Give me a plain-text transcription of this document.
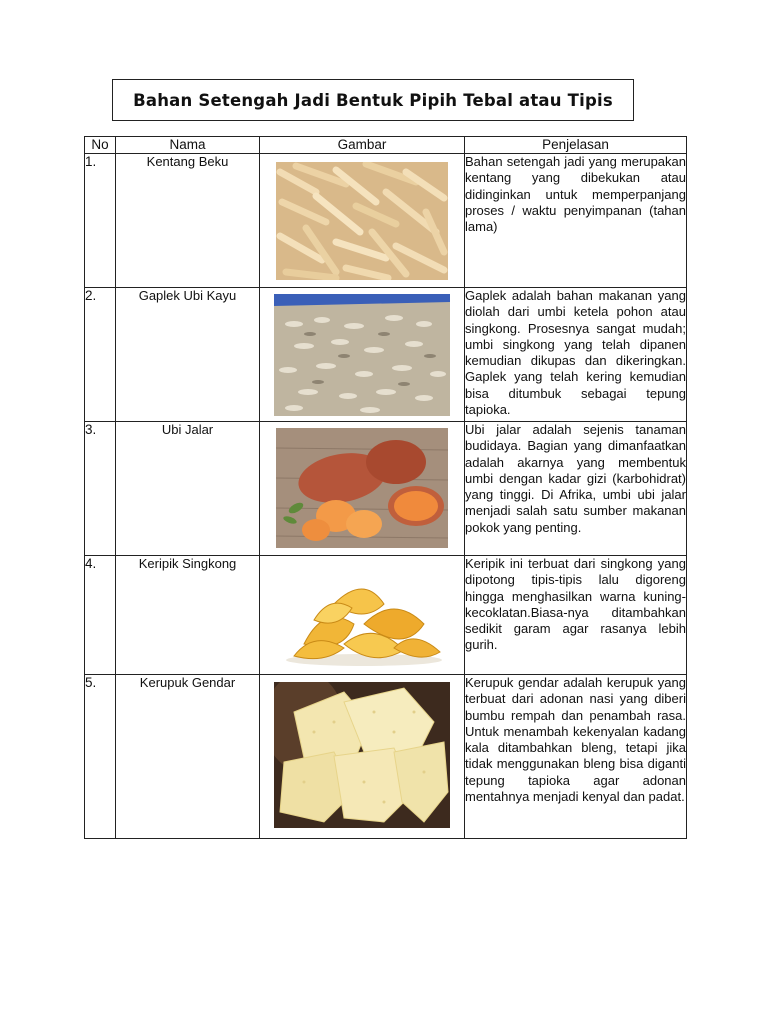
Bahan Setengah Jadi Bentuk Pipih Tebal atau Tipis
No	Nama	Gambar	Penjelasan
1.	Kentang Beku		Bahan setengah jadi yang merupakan kentang yang dibekukan atau didinginkan untuk memperpanjang proses / waktu penyimpanan (tahan lama)
2.	Gaplek Ubi Kayu		Gaplek adalah bahan makanan yang diolah dari umbi ketela pohon atau singkong. Prosesnya sangat mudah; umbi singkong yang telah dipanen kemudian dikupas dan dikeringkan. Gaplek yang telah kering kemudian bisa ditumbuk sebagai tepung tapioka.
3.	Ubi Jalar		Ubi jalar adalah sejenis tanaman budidaya. Bagian yang dimanfaatkan adalah akarnya yang membentuk umbi dengan kadar gizi (karbohidrat) yang tinggi. Di Afrika, umbi ubi jalar menjadi salah satu sumber makanan pokok yang penting.
4.	Keripik Singkong		Keripik ini terbuat dari singkong yang dipotong tipis-tipis lalu digoreng hingga menghasilkan warna kuning-kecoklatan.Biasa-nya ditambahkan sedikit garam agar rasanya lebih gurih.
5.	Kerupuk Gendar		Kerupuk gendar adalah kerupuk yang terbuat dari adonan nasi yang diberi bumbu rempah dan penambah rasa. Untuk menambah kekenyalan kadang kala ditambahkan bleng, tetapi jika tidak menggunakan bleng bisa diganti tepung tapioka agar adonan mentahnya menjadi kenyal dan padat.
